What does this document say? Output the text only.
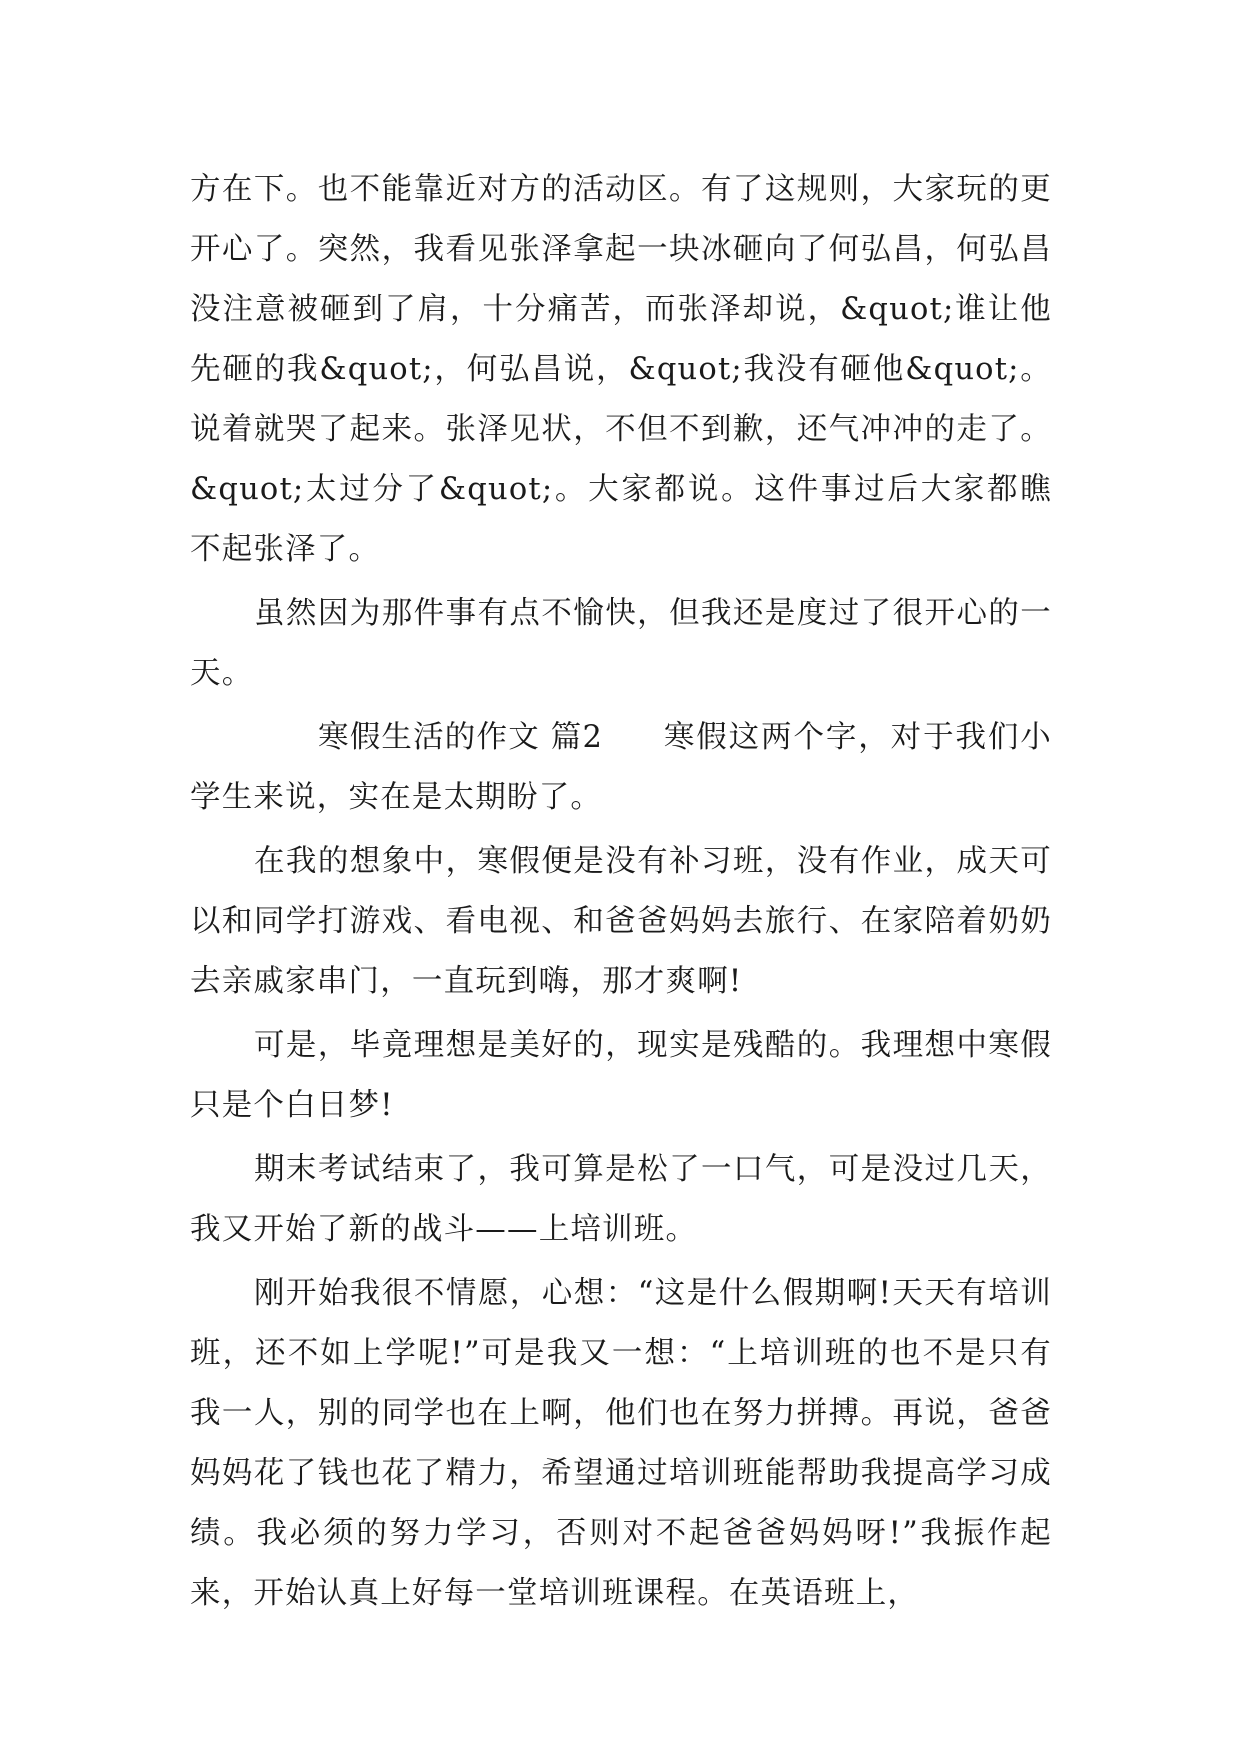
方在下。也不能靠近对方的活动区。有了这规则，大家玩的更开心了。突然，我看见张泽拿起一块冰砸向了何弘昌，何弘昌没注意被砸到了肩，十分痛苦，而张泽却说，&quot;谁让他先砸的我&quot;，何弘昌说，&quot;我没有砸他&quot;。说着就哭了起来。张泽见状，不但不到歉，还气冲冲的走了。&quot;太过分了&quot;。大家都说。这件事过后大家都瞧不起张泽了。

虽然因为那件事有点不愉快，但我还是度过了很开心的一天。

寒假生活的作文 篇2 寒假这两个字，对于我们小学生来说，实在是太期盼了。

在我的想象中，寒假便是没有补习班，没有作业，成天可以和同学打游戏、看电视、和爸爸妈妈去旅行、在家陪着奶奶去亲戚家串门，一直玩到嗨，那才爽啊!

可是，毕竟理想是美好的，现实是残酷的。我理想中寒假只是个白日梦!

期末考试结束了，我可算是松了一口气，可是没过几天，我又开始了新的战斗——上培训班。

刚开始我很不情愿，心想：“这是什么假期啊!天天有培训班，还不如上学呢!”可是我又一想：“上培训班的也不是只有我一人，别的同学也在上啊，他们也在努力拼搏。再说，爸爸妈妈花了钱也花了精力，希望通过培训班能帮助我提高学习成绩。我必须的努力学习，否则对不起爸爸妈妈呀!”我振作起来，开始认真上好每一堂培训班课程。在英语班上，
